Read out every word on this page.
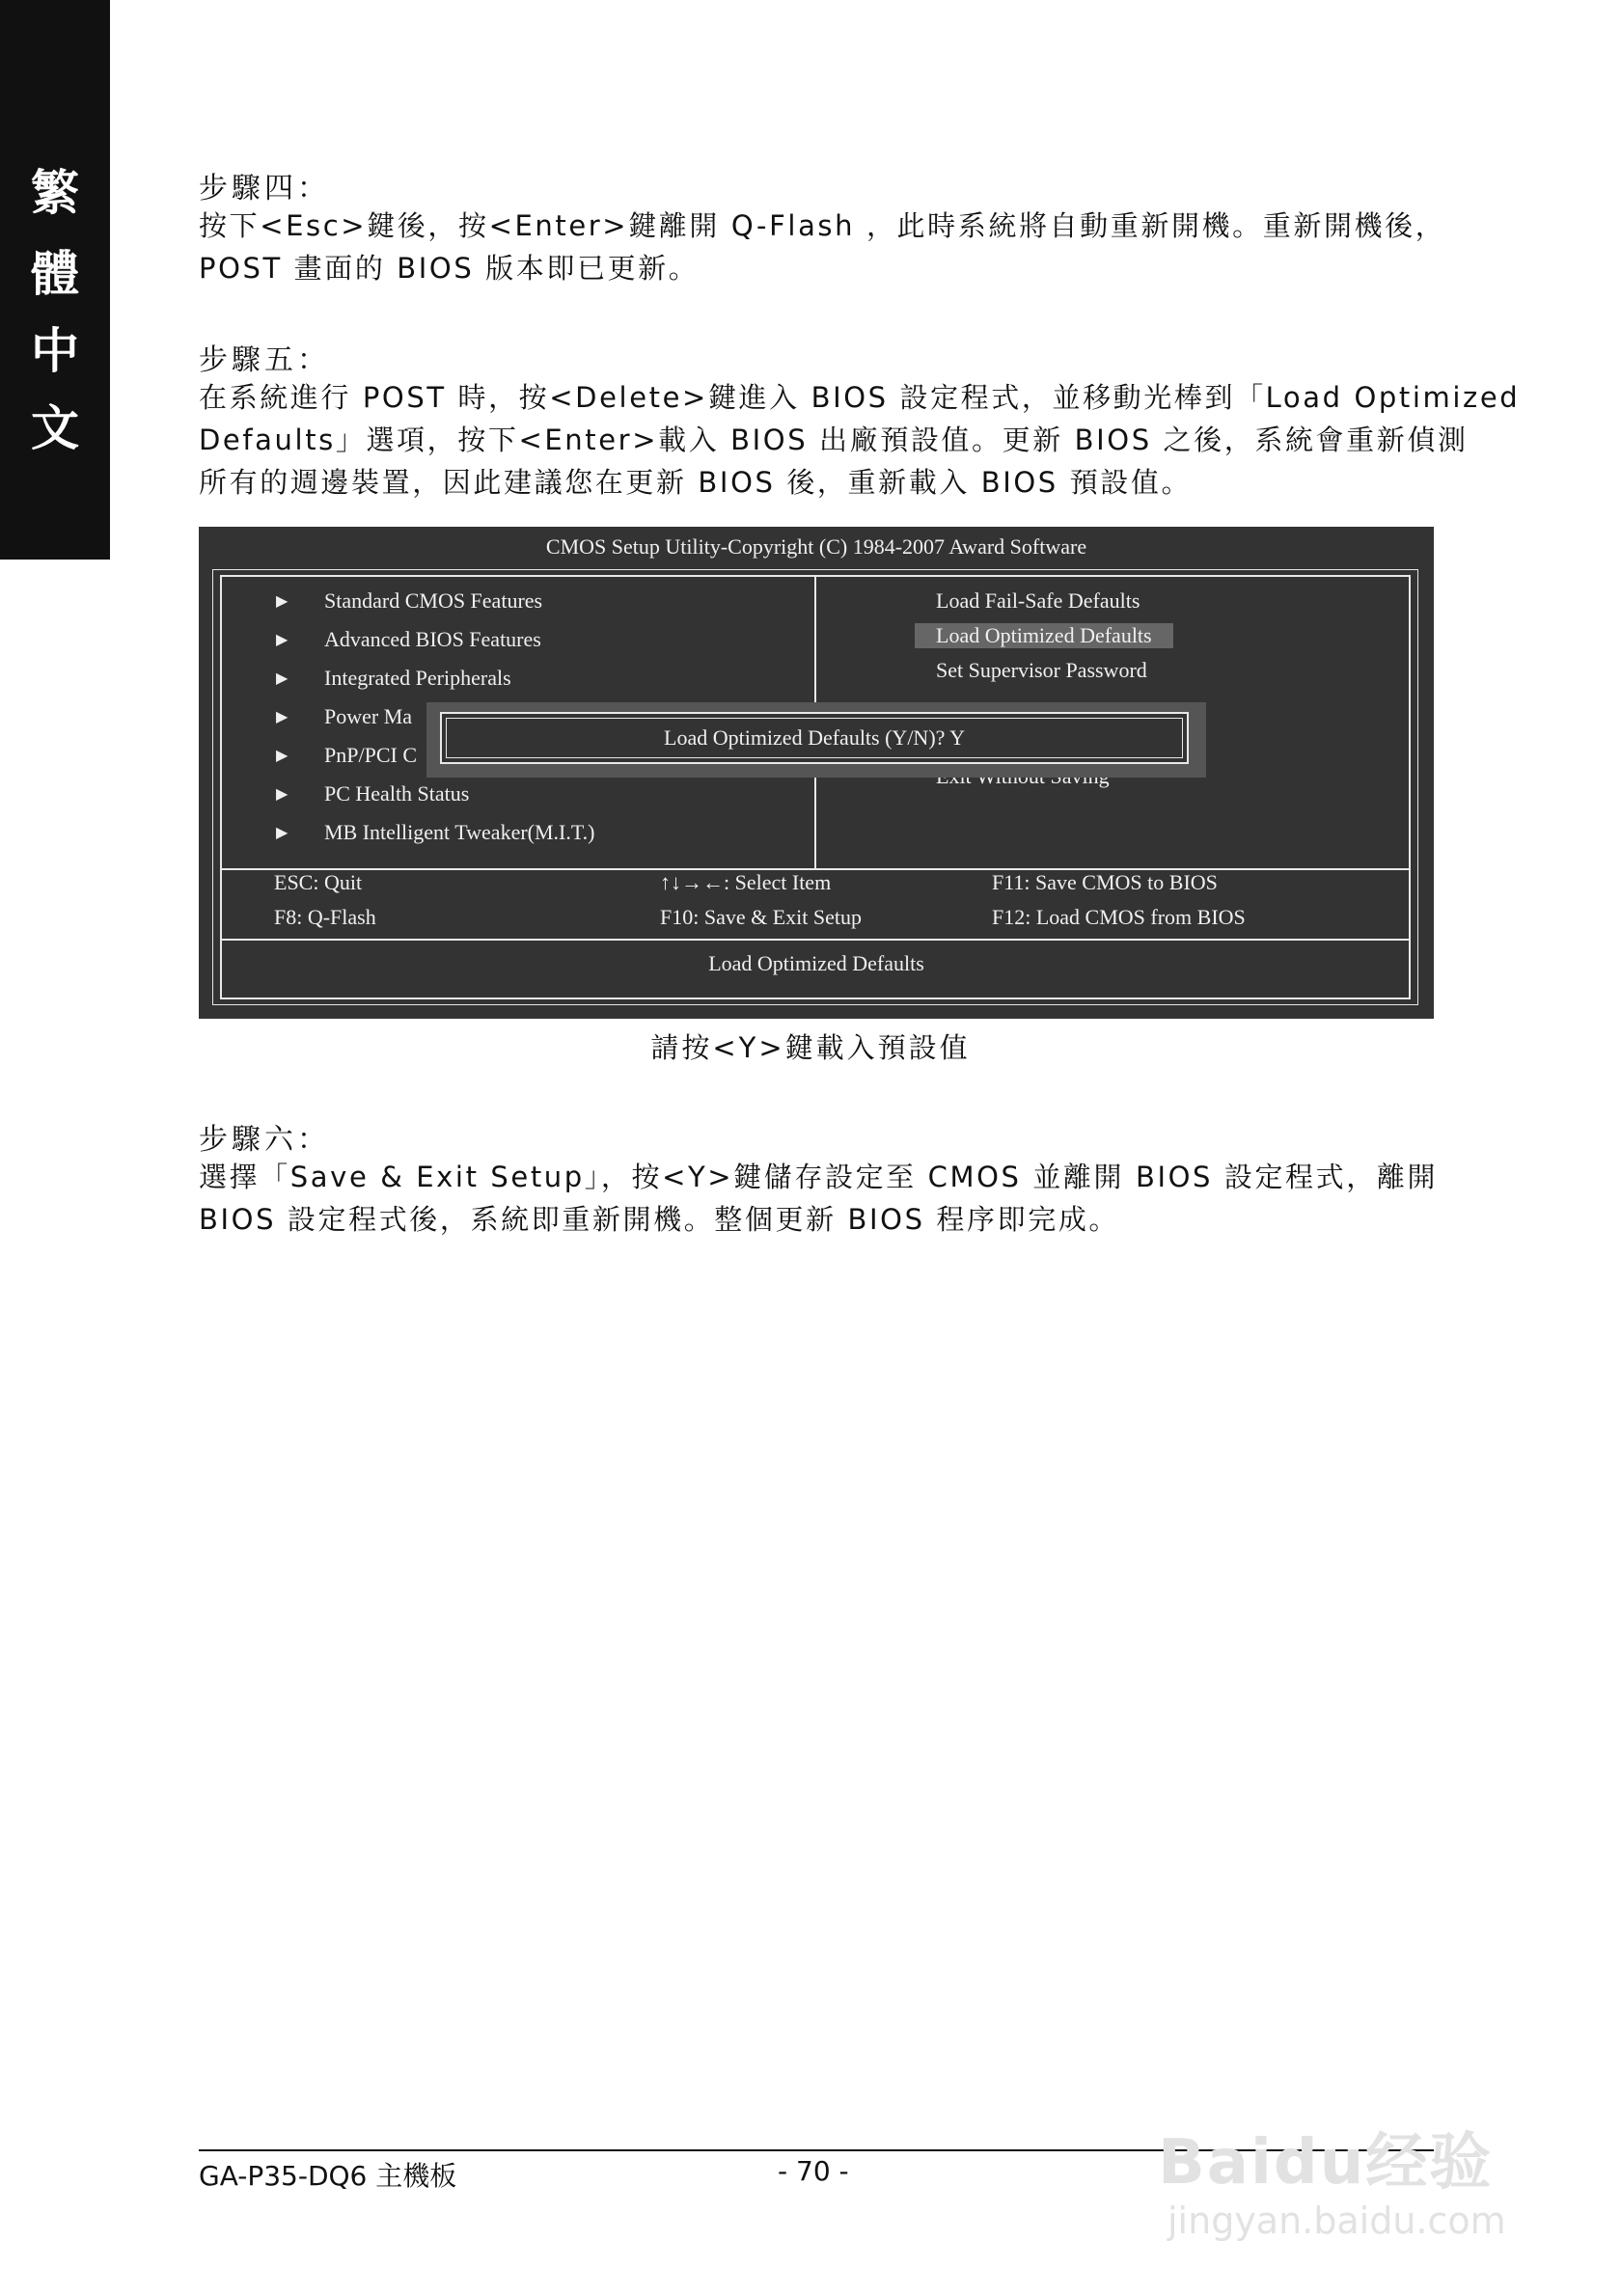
繁
體
中
文
步驟四：
按下<Esc>鍵後，按<Enter>鍵離開 Q-Flash ，此時系統將自動重新開機。重新開機後，
POST 畫面的 BIOS 版本即已更新。
步驟五：
在系統進行 POST 時，按<Delete>鍵進入 BIOS 設定程式，並移動光棒到「Load Optimized
Defaults」選項，按下<Enter>載入 BIOS 出廠預設值。更新 BIOS 之後，系統會重新偵測
所有的週邊裝置，因此建議您在更新 BIOS 後，重新載入 BIOS 預設值。
CMOS Setup Utility-Copyright (C) 1984-2007 Award Software
▶ Standard CMOS Features
▶ Advanced BIOS Features
▶ Integrated Peripherals
▶ Power Ma
▶ PnP/PCI C
▶ PC Health Status
▶ MB Intelligent Tweaker(M.I.T.)
Load Fail-Safe Defaults
Load Optimized Defaults
Set Supervisor Password
Load Optimized Defaults (Y/N)? Y
ESC: Quit	↑↓→←: Select Item	F11: Save CMOS to BIOS
F8: Q-Flash	F10: Save & Exit Setup	F12: Load CMOS from BIOS
Load Optimized Defaults
請按<Y>鍵載入預設值
步驟六：
選擇「Save & Exit Setup」，按<Y>鍵儲存設定至 CMOS 並離開 BIOS 設定程式，離開
BIOS 設定程式後，系統即重新開機。整個更新 BIOS 程序即完成。
GA-P35-DQ6 主機板	- 70 -	Baidu经验
jingyan.baidu.com
